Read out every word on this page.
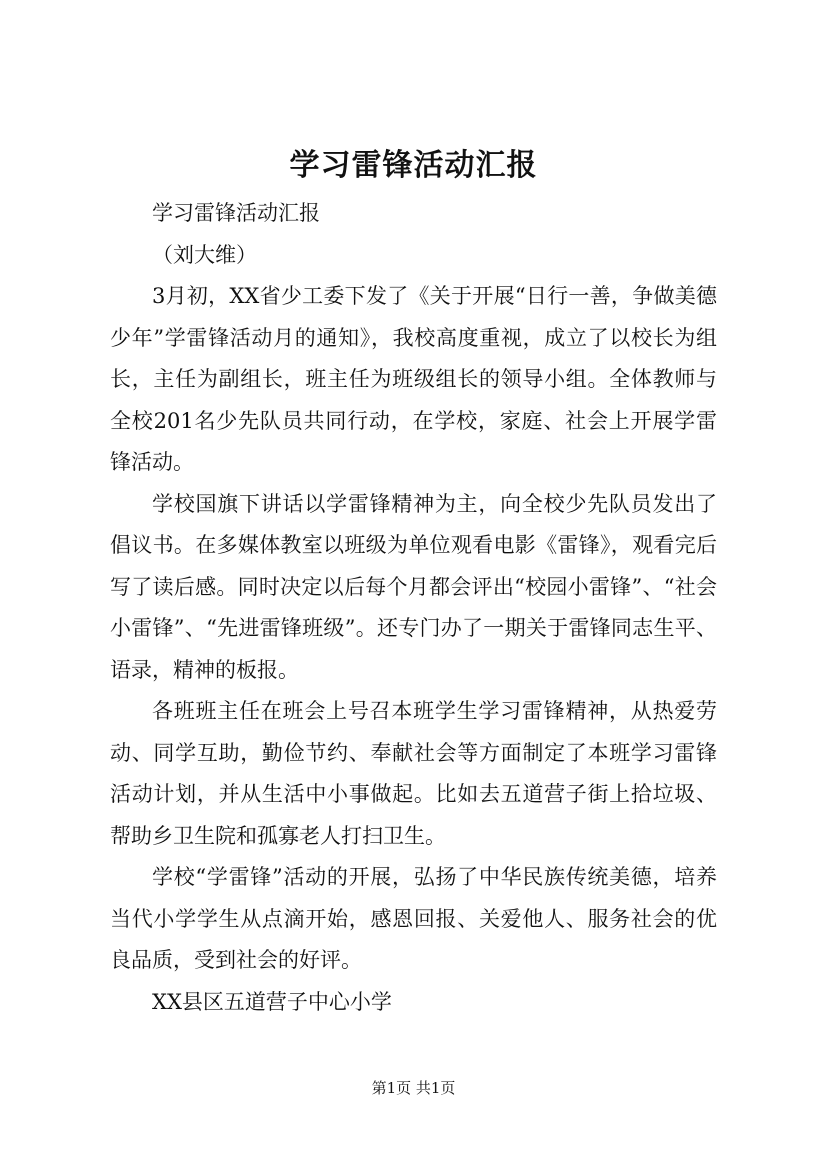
学习雷锋活动汇报

学习雷锋活动汇报

（刘大维）

3月初，XX省少工委下发了《关于开展“日行一善，争做美德少年”学雷锋活动月的通知》，我校高度重视，成立了以校长为组长，主任为副组长，班主任为班级组长的领导小组。全体教师与全校201名少先队员共同行动，在学校，家庭、社会上开展学雷锋活动。

学校国旗下讲话以学雷锋精神为主，向全校少先队员发出了倡议书。在多媒体教室以班级为单位观看电影《雷锋》，观看完后写了读后感。同时决定以后每个月都会评出“校园小雷锋”、“社会小雷锋”、“先进雷锋班级”。还专门办了一期关于雷锋同志生平、语录，精神的板报。

各班班主任在班会上号召本班学生学习雷锋精神，从热爱劳动、同学互助，勤俭节约、奉献社会等方面制定了本班学习雷锋活动计划，并从生活中小事做起。比如去五道营子街上拾垃圾、帮助乡卫生院和孤寡老人打扫卫生。

学校“学雷锋”活动的开展，弘扬了中华民族传统美德，培养当代小学学生从点滴开始，感恩回报、关爱他人、服务社会的优良品质，受到社会的好评。

XX县区五道营子中心小学

第1页 共1页
